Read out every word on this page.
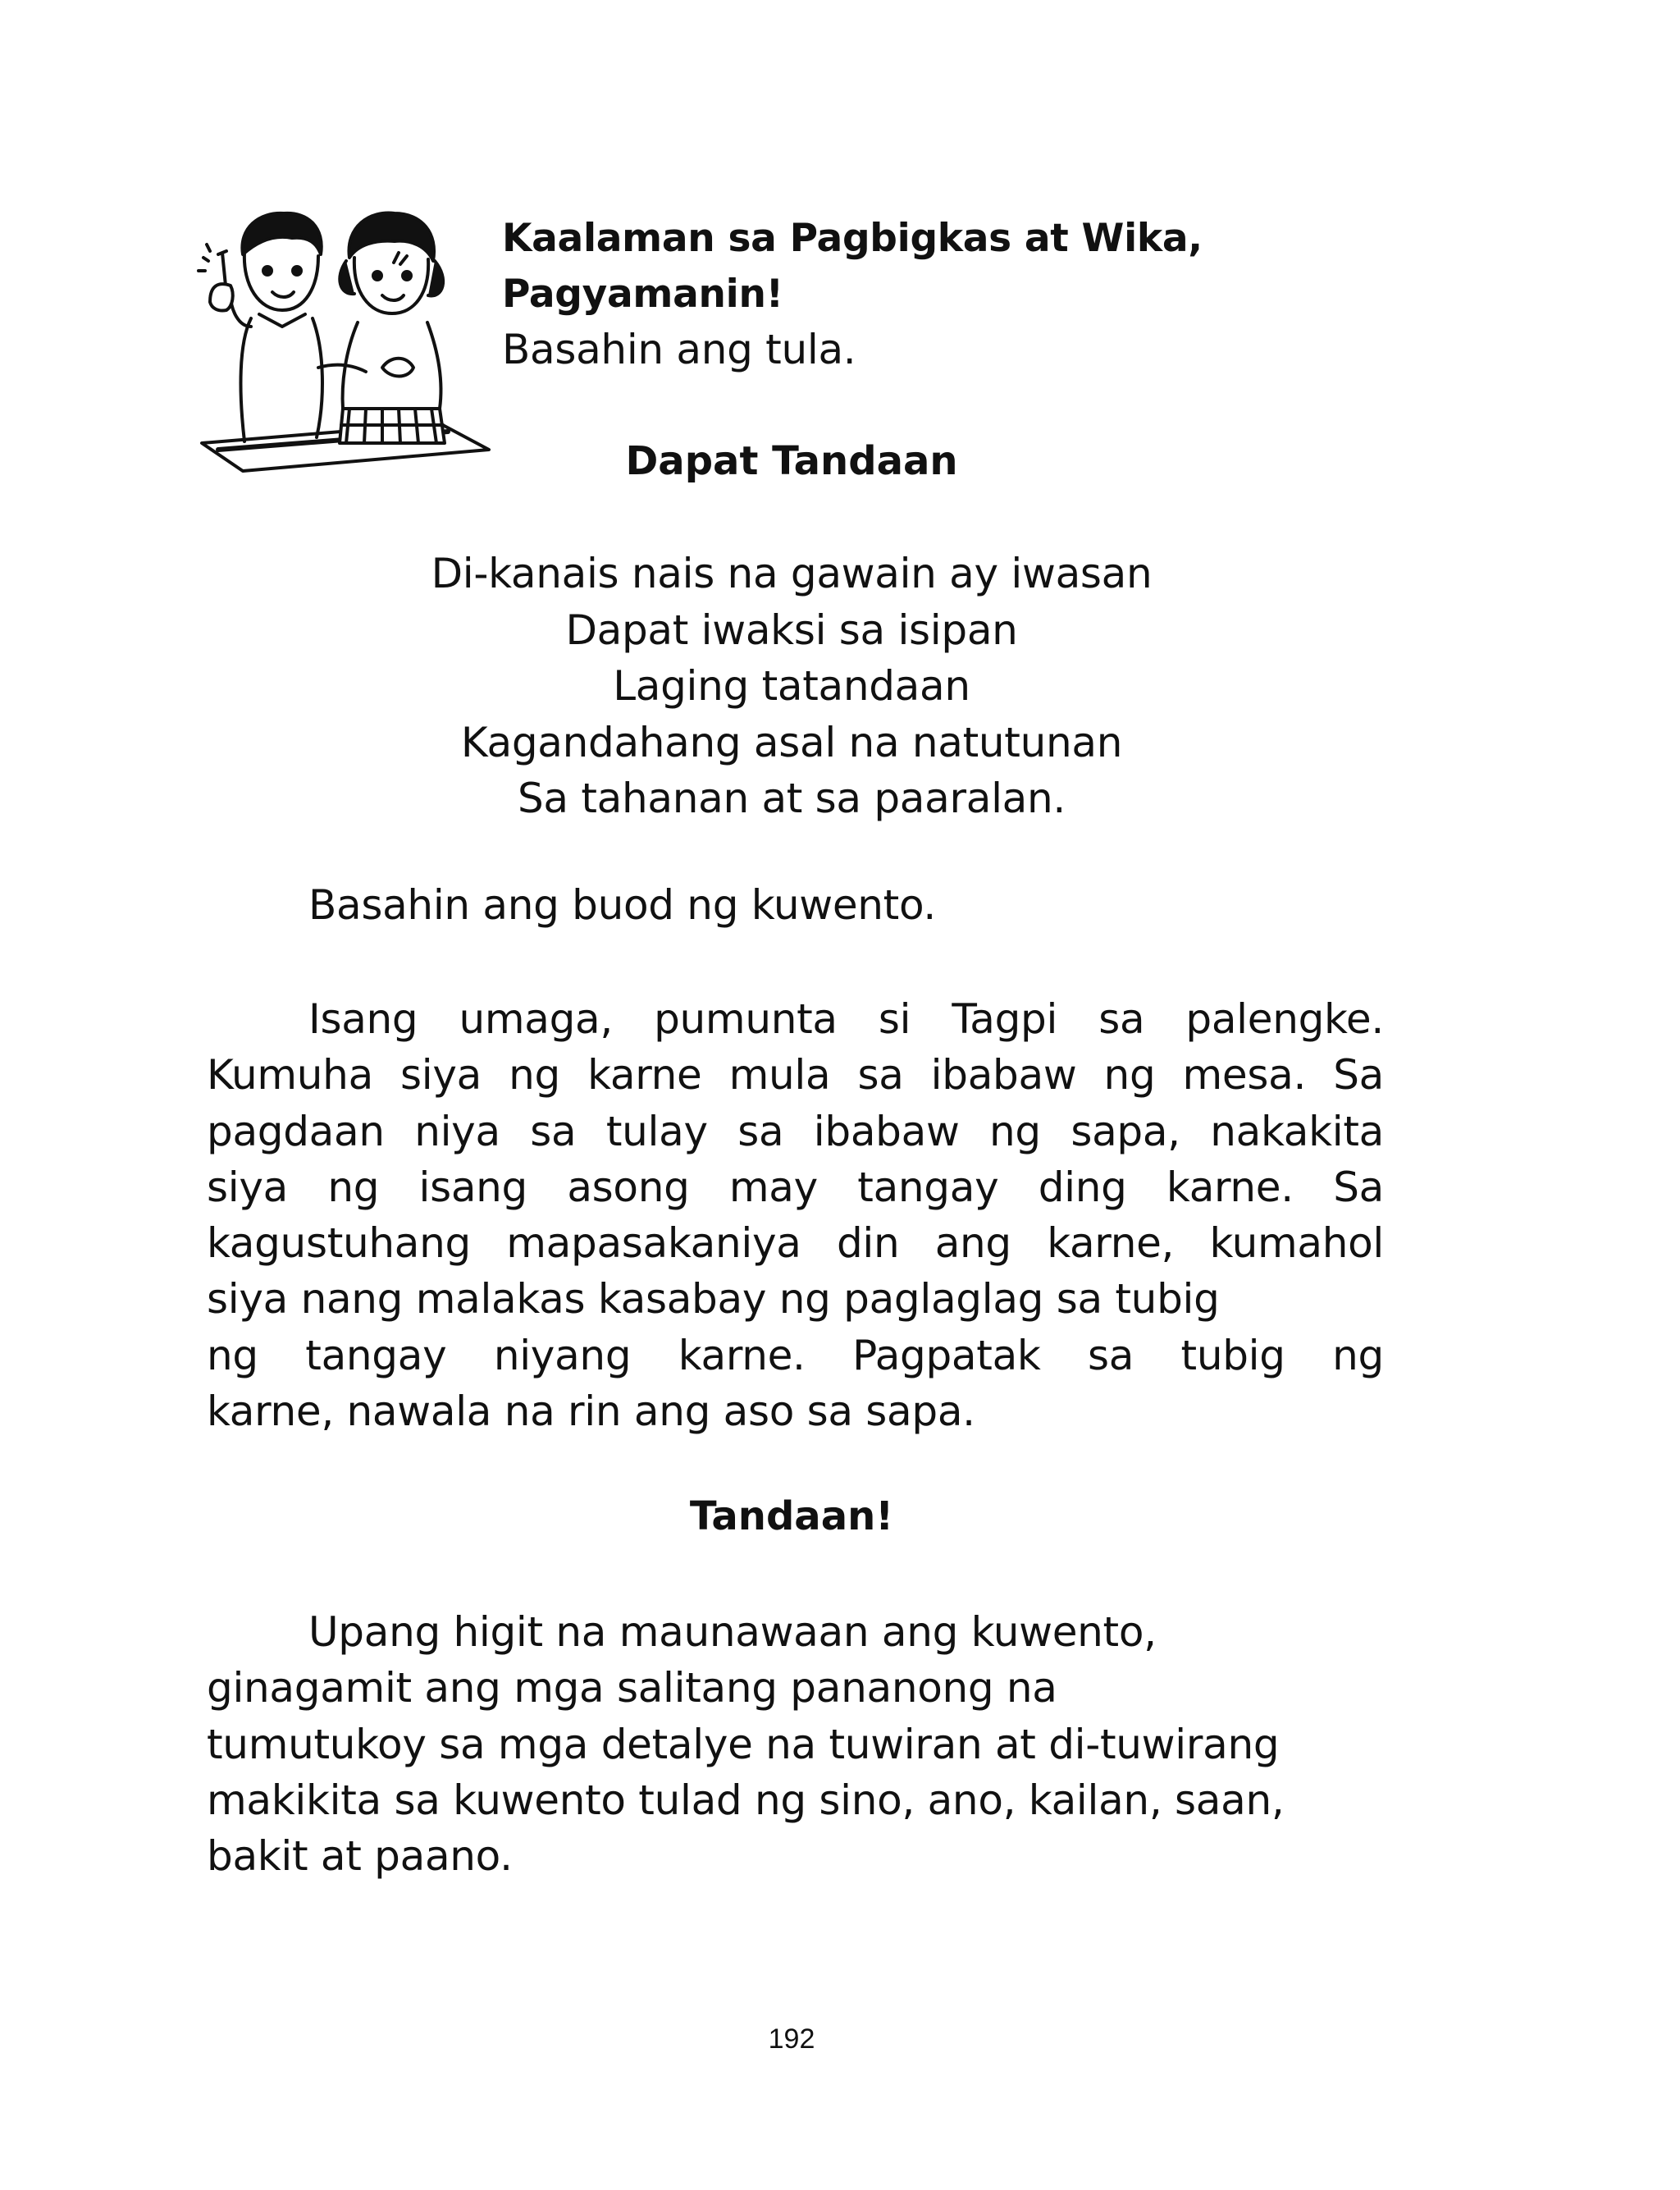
Kaalaman sa Pagbigkas at Wika,
Pagyamanin!
Basahin ang tula.
Dapat Tandaan
Di-kanais nais na gawain ay iwasan
Dapat iwaksi sa isipan
Laging tatandaan
Kagandahang asal na natutunan
Sa tahanan at sa paaralan.
Basahin ang buod ng kuwento.
Isang umaga, pumunta si Tagpi sa palengke.
Kumuha siya ng karne mula sa ibabaw ng mesa. Sa
pagdaan niya sa tulay sa ibabaw ng sapa, nakakita
siya ng isang asong may tangay ding karne. Sa
kagustuhang mapasakaniya din ang karne, kumahol
siya nang malakas kasabay ng paglaglag sa tubig
ng tangay niyang karne. Pagpatak sa tubig ng
karne, nawala na rin ang aso sa sapa.
Tandaan!
Upang higit na maunawaan ang kuwento,
ginagamit ang mga salitang pananong na
tumutukoy sa mga detalye na tuwiran at di-tuwirang
makikita sa kuwento tulad ng sino, ano, kailan, saan,
bakit at paano.
192
